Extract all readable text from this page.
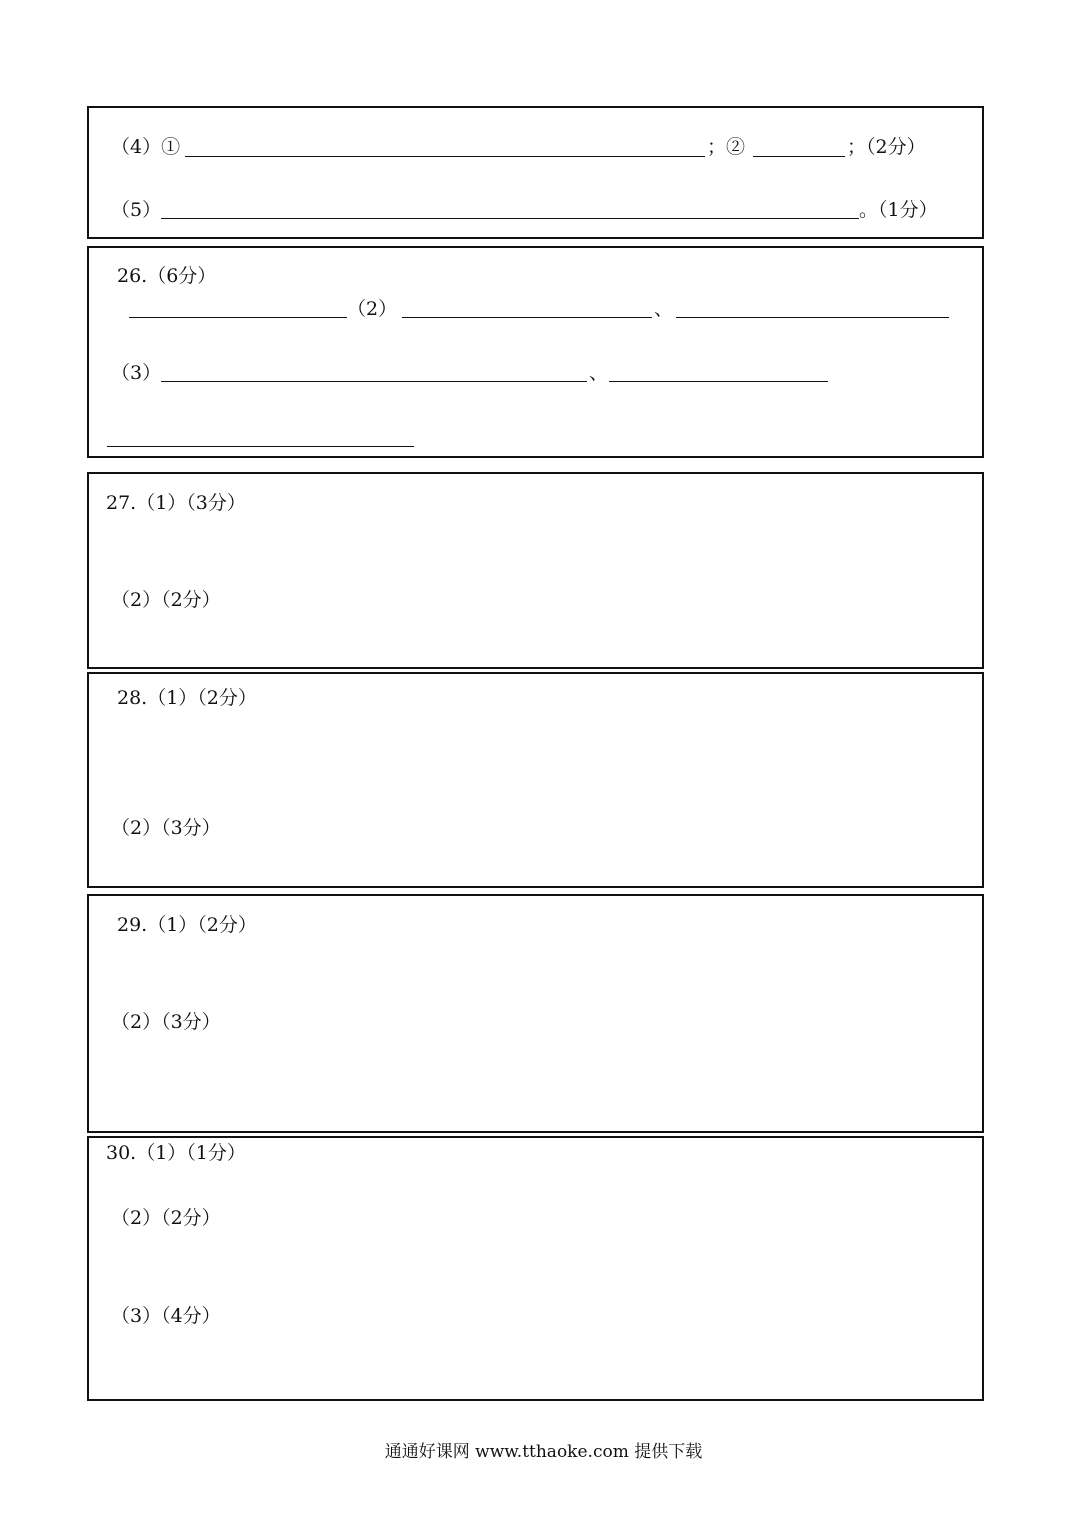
（4）①	；②	；（2分）
（5）	。（1分）
26.（6分）
（2）	、
（3）	、
27.（1）（3分）
（2）（2分）
28.（1）（2分）
（2）（3分）
29.（1）（2分）
（2）（3分）
30.（1）（1分）
（2）（2分）
（3）（4分）
通通好课网 www.tthaoke.com 提供下载
